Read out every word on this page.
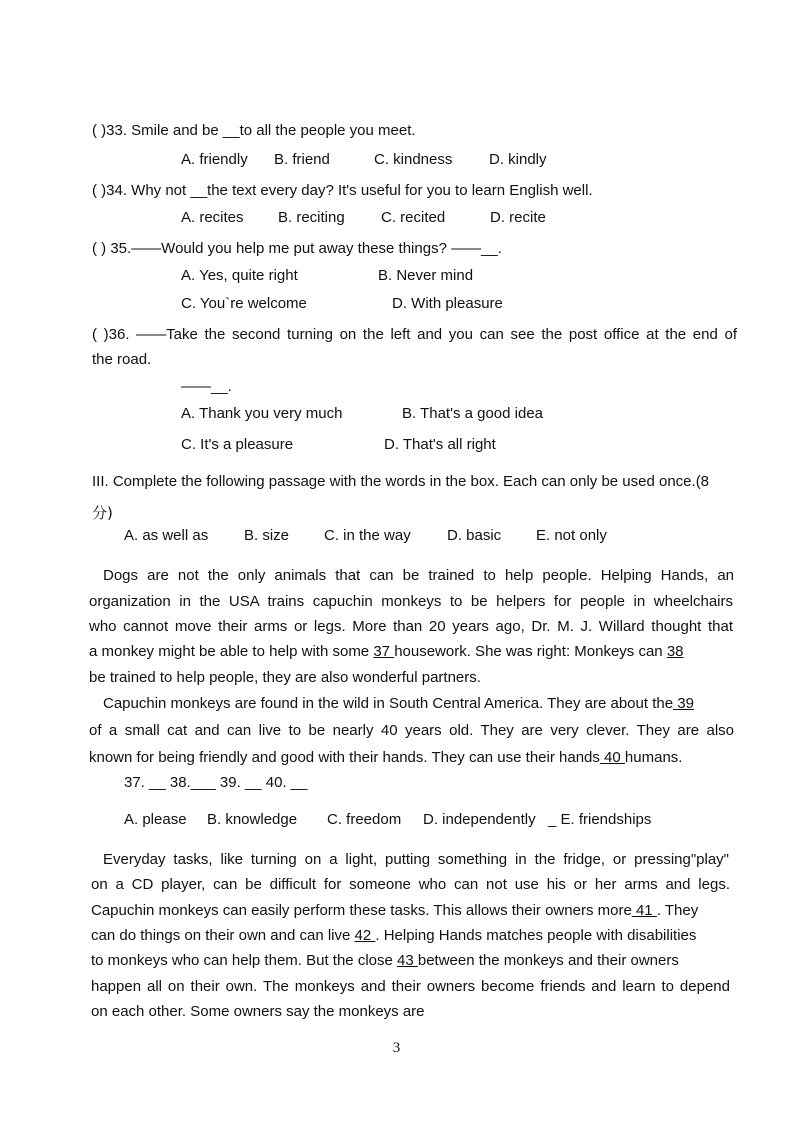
( )33. Smile and be __to all the people you meet.
A. friendly B. friend	C. kindness D. kindly
( )34. Why not __the text every day? It's useful for you to learn English well.
A. recites B. reciting C. recited	D. recite
( ) 35.——Would you help me put away these things? ——__.
A. Yes, quite right	B. Never mind
C. You`re welcome	D. With pleasure
( )36. ——Take the second turning on the left and you can see the post office at the end of
the road.
——__.
A. Thank you very much	B. That's a good idea
C. It's a pleasure	D. That's all right
III. Complete the following passage with the words in the box. Each can only be used once.(8
分)
A. as well as B. size C. in the way D. basic E. not only
Dogs are not the only animals that can be trained to help people. Helping Hands, an
organization in the USA trains capuchin monkeys to be helpers for people in wheelchairs
who cannot move their arms or legs. More than 20 years ago, Dr. M. J. Willard thought that
a monkey might be able to help with some 37 housework. She was right: Monkeys can 38
be trained to help people, they are also wonderful partners.
Capuchin monkeys are found in the wild in South Central America. They are about the 39
of a small cat and can live to be nearly 40 years old. They are very clever. They are also
known for being friendly and good with their hands. They can use their hands 40 humans.
37. __ 38.___ 39. __ 40. __
A. please B. knowledge C. freedom D. independently _ E. friendships
Everyday tasks, like turning on a light, putting something in the fridge, or pressing"play"
on a CD player, can be difficult for someone who can not use his or her arms and legs.
Capuchin monkeys can easily perform these tasks. This allows their owners more 41 . They
can do things on their own and can live 42 . Helping Hands matches people with disabilities
to monkeys who can help them. But the close 43 between the monkeys and their owners
happen all on their own. The monkeys and their owners become friends and learn to depend
on each other. Some owners say the monkeys are
3
